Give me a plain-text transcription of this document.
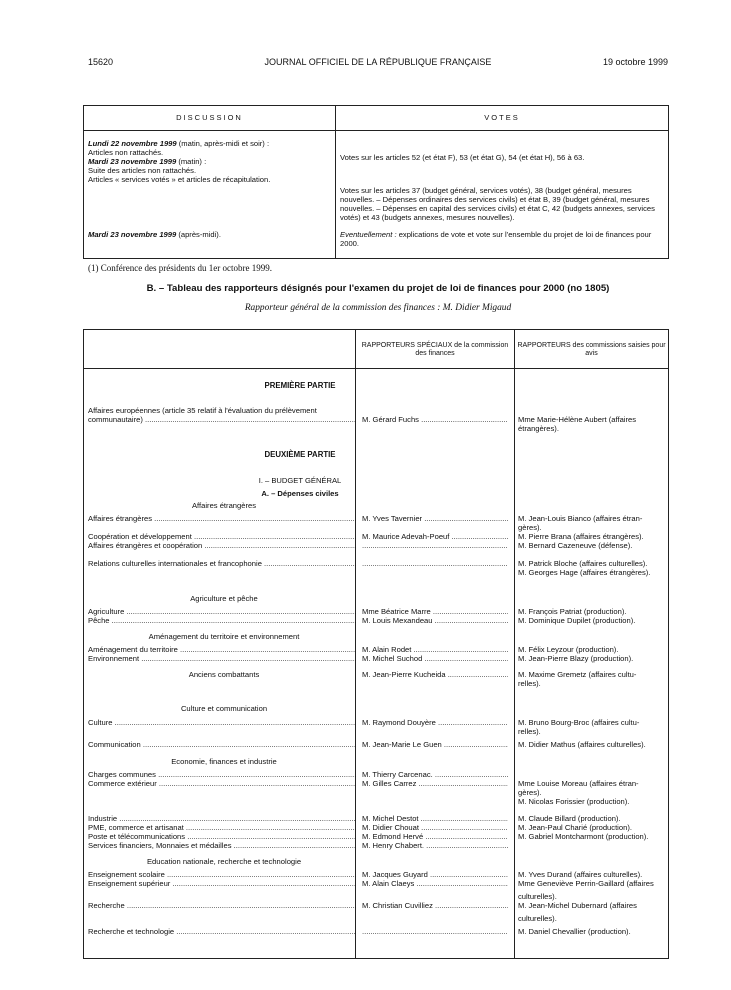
15620	JOURNAL OFFICIEL DE LA RÉPUBLIQUE FRANÇAISE	19 octobre 1999
DISCUSSION	VOTES
Lundi 22 novembre 1999 (matin, après-midi et soir) :
Articles non rattachés.
Mardi 23 novembre 1999 (matin) :
Suite des articles non rattachés.
Articles « services votés » et articles de récapitulation.
Mardi 23 novembre 1999 (après-midi).
Votes sur les articles 52 (et état F), 53 (et état G), 54 (et état H), 56 à 63.
Votes sur les articles 37 (budget général, services votés), 38 (budget général, mesures nouvelles. – Dépenses ordinaires des services civils) et état B, 39 (budget général, mesures nouvelles. – Dépenses en capital des services civils) et état C, 42 (budgets annexes, services votés) et 43 (budgets annexes, mesures nouvelles).
Eventuellement : explications de vote et vote sur l'ensemble du projet de loi de finances pour 2000.
(1) Conférence des présidents du 1er octobre 1999.
B. – Tableau des rapporteurs désignés pour l'examen du projet de loi de finances pour 2000 (no 1805)
Rapporteur général de la commission des finances : M. Didier Migaud
RAPPORTEURS SPÉCIAUX de la commission des finances
RAPPORTEURS des commissions saisies pour avis
PREMIÈRE PARTIE
DEUXIÈME PARTIE
I. – BUDGET GÉNÉRAL
A. – Dépenses civiles
Affaires européennes (article 35 relatif à l'évaluation du prélèvement
communautaire) .....	M. Gérard Fuchs .....	Mme Marie-Hélène Aubert (affaires
étrangères).
Affaires étrangères
Affaires étrangères .....	M. Yves Tavernier .....	M. Jean-Louis Bianco (affaires étran-
gères).
Coopération et développement .....	M. Maurice Adevah-Poeuf .....	M. Pierre Brana (affaires étrangères).
Affaires étrangères et coopération ..... .....	M. Bernard Cazeneuve (défense).
Relations culturelles internationales et francophonie ..... .....	M. Patrick Bloche (affaires culturelles).
M. Georges Hage (affaires étrangères).
Agriculture et pêche
Agriculture .....	Mme Béatrice Marre .....	M. François Patriat (production).
Pêche .....	M. Louis Mexandeau .....	M. Dominique Dupilet (production).
Aménagement du territoire et environnement
Aménagement du territoire .....	M. Alain Rodet .....	M. Félix Leyzour (production).
Environnement .....	M. Michel Suchod .....	M. Jean-Pierre Blazy (production).
Anciens combattants	M. Jean-Pierre Kucheida .....	M. Maxime Gremetz (affaires cultu-
relles).
Culture et communication
Culture .....	M. Raymond Douyère .....	M. Bruno Bourg-Broc (affaires cultu-
relles).
Communication .....	M. Jean-Marie Le Guen .....	M. Didier Mathus (affaires culturelles).
Economie, finances et industrie
Charges communes .....	M. Thierry Carcenac. .....
Commerce extérieur .....	M. Gilles Carrez .....	Mme Louise Moreau (affaires étran-
gères).
M. Nicolas Forissier (production).
Industrie .....	M. Michel Destot .....	M. Claude Billard (production).
PME, commerce et artisanat .....	M. Didier Chouat .....	M. Jean-Paul Charié (production).
Poste et télécommunications .....	M. Edmond Hervé .....	M. Gabriel Montcharmont (production).
Services financiers, Monnaies et médailles .....	M. Henry Chabert. .....
Education nationale, recherche et technologie
Enseignement scolaire .....	M. Jacques Guyard .....	M. Yves Durand (affaires culturelles).
Enseignement supérieur .....	M. Alain Claeys .....	Mme Geneviève Perrin-Gaillard (affaires
culturelles).
Recherche .....	M. Christian Cuvilliez .....	M. Jean-Michel Dubernard (affaires
culturelles).
Recherche et technologie ..... .....	M. Daniel Chevallier (production).
